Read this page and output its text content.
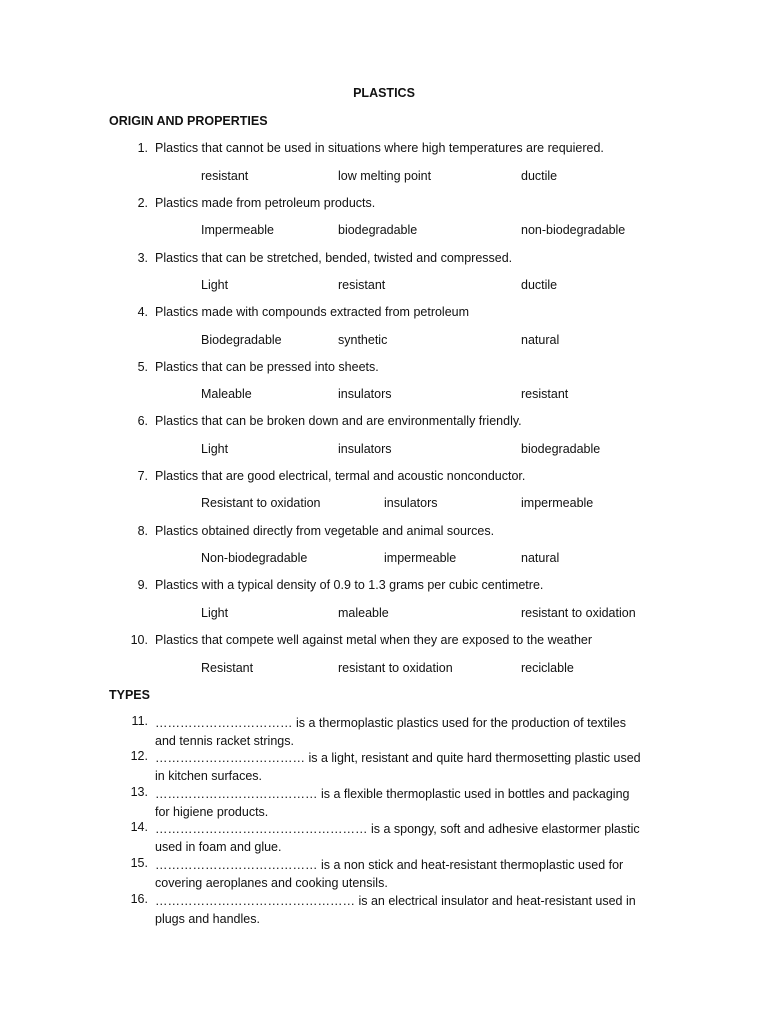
PLASTICS
ORIGIN AND PROPERTIES
1. Plastics that cannot be used in situations where high temperatures are requiered.
resistant	low melting point	ductile
2. Plastics made from petroleum products.
Impermeable	biodegradable	non-biodegradable
3. Plastics that can be stretched, bended, twisted and compressed.
Light	resistant	ductile
4. Plastics made with compounds extracted from petroleum
Biodegradable	synthetic	natural
5. Plastics that can be pressed into sheets.
Maleable	insulators	resistant
6. Plastics that can be broken down and are environmentally friendly.
Light	insulators	biodegradable
7. Plastics that are good electrical, termal and acoustic nonconductor.
Resistant to oxidation	insulators	impermeable
8. Plastics obtained directly from vegetable and animal sources.
Non-biodegradable	impermeable	natural
9. Plastics with a typical density of 0.9 to 1.3 grams per cubic centimetre.
Light	maleable	resistant to oxidation
10. Plastics that compete well against metal when they are exposed to the weather
Resistant	resistant to oxidation	reciclable
TYPES
11. …………………………… is a thermoplastic plastics used for the production of textiles and tennis racket strings.
12. ……………………………… is a light, resistant and quite hard thermosetting plastic used in kitchen surfaces.
13. ………………………………… is a flexible thermoplastic used in bottles and packaging for higiene products.
14. …………………………………………… is a spongy, soft and adhesive elastormer plastic used in foam and glue.
15. ………………………………… is a non stick and heat-resistant thermoplastic used for covering aeroplanes and cooking utensils.
16. ………………………………………… is an electrical insulator and heat-resistant used in plugs and handles.
